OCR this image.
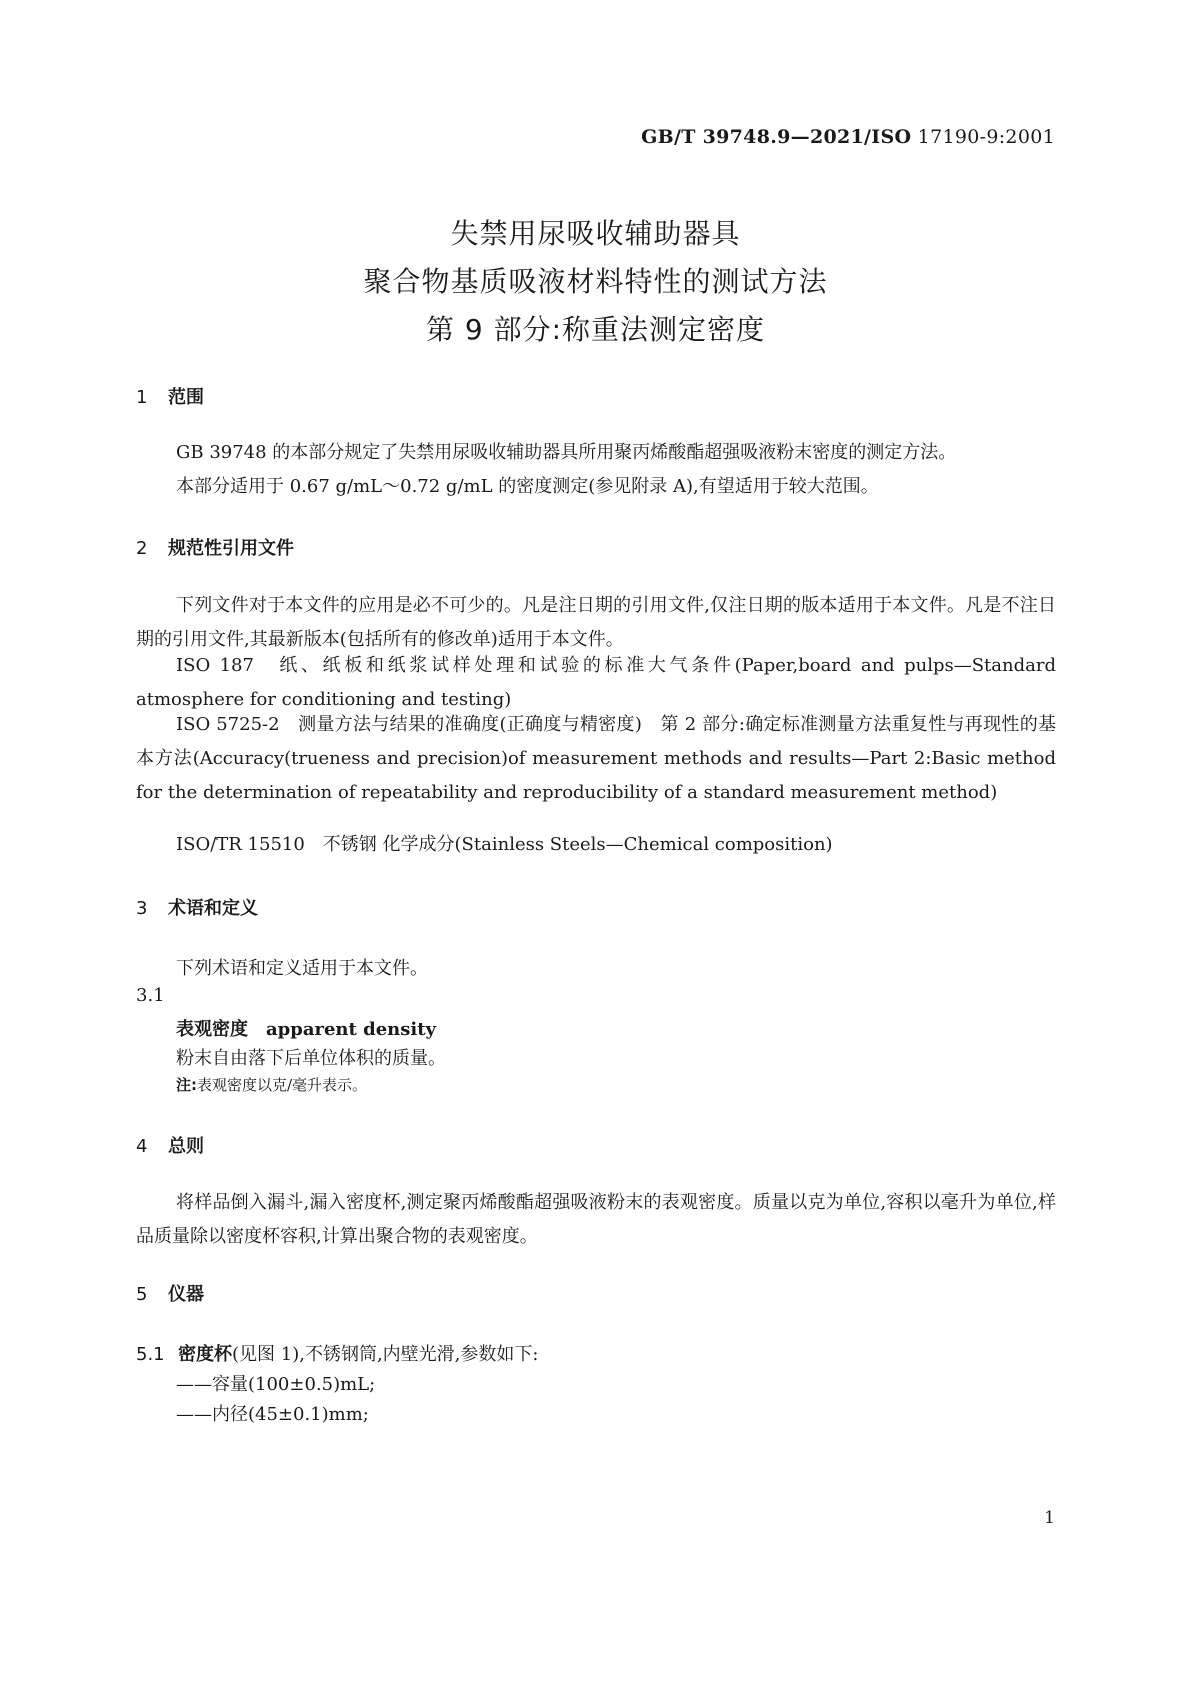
GB/T 39748.9—2021/ISO 17190-9:2001
失禁用尿吸收辅助器具
聚合物基质吸液材料特性的测试方法
第 9 部分:称重法测定密度
1 范围

GB 39748 的本部分规定了失禁用尿吸收辅助器具所用聚丙烯酸酯超强吸液粉末密度的测定方法。

本部分适用于 0.67 g/mL～0.72 g/mL 的密度测定(参见附录 A),有望适用于较大范围。

2 规范性引用文件

下列文件对于本文件的应用是必不可少的。凡是注日期的引用文件,仅注日期的版本适用于本文件。凡是不注日期的引用文件,其最新版本(包括所有的修改单)适用于本文件。

ISO 187　纸、纸板和纸浆试样处理和试验的标准大气条件(Paper,board and pulps—Standard atmosphere for conditioning and testing)

ISO 5725-2　测量方法与结果的准确度(正确度与精密度)　第 2 部分:确定标准测量方法重复性与再现性的基本方法(Accuracy(trueness and precision)of measurement methods and results—Part 2:Basic method for the determination of repeatability and reproducibility of a standard measurement method)

ISO/TR 15510　不锈钢 化学成分(Stainless Steels—Chemical composition)

3 术语和定义
下列术语和定义适用于本文件。
3.1
表观密度 apparent density
粉末自由落下后单位体积的质量。
注:表观密度以克/毫升表示。
4 总则

将样品倒入漏斗,漏入密度杯,测定聚丙烯酸酯超强吸液粉末的表观密度。质量以克为单位,容积以毫升为单位,样品质量除以密度杯容积,计算出聚合物的表观密度。

5 仪器
5.1 密度杯(见图 1),不锈钢筒,内壁光滑,参数如下:
——容量(100±0.5)mL;
——内径(45±0.1)mm;
1
